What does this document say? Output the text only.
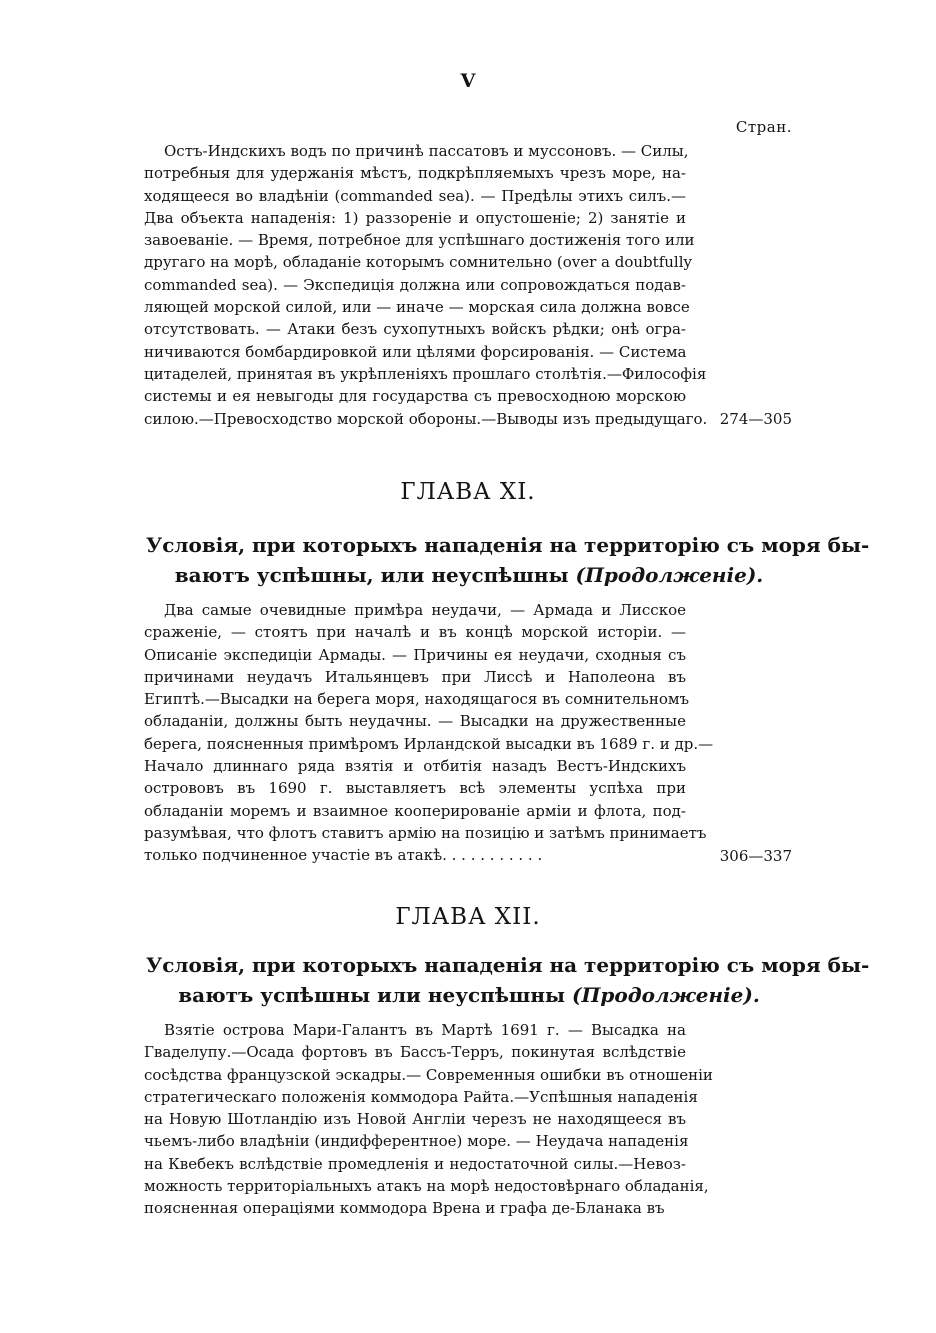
V
Стран.
Остъ-Индскихъ водъ по причинѣ пассатовъ и муссоновъ. — Силы,
потребныя для удержанія мѣстъ, подкрѣпляемыхъ чрезъ море, на-
ходящееся во владѣніи (commanded sea). — Предѣлы этихъ силъ.—
Два объекта нападенія: 1) раззореніе и опустошеніе; 2) занятіе и
завоеваніе. — Время, потребное для успѣшнаго достиженія того или
другаго на морѣ, обладаніе которымъ сомнительно (over a doubtfully
commanded sea). — Экспедиція должна или сопровождаться подав-
ляющей морской силой, или — иначе — морская сила должна вовсе
отсутствовать. — Атаки безъ сухопутныхъ войскъ рѣдки; онѣ огра-
ничиваются бомбардировкой или цѣлями форсированія. — Система
цитаделей, принятая въ укрѣпленіяхъ прошлаго столѣтія.—Философія
системы и ея невыгоды для государства съ превосходною морскою
силою.—Превосходство морской обороны.—Выводы изъ предыдущаго. 274—305
ГЛАВА XI.
Условія, при которыхъ нападенія на территорію съ моря бы-
ваютъ успѣшны, или неуспѣшны (Продолженіе).
Два самые очевидные примѣра неудачи, — Армада и Лисское
сраженіе, — стоятъ при началѣ и въ концѣ морской исторіи. —
Описаніе экспедиціи Армады. — Причины ея неудачи, сходныя съ
причинами неудачъ Итальянцевъ при Лиссѣ и Наполеона въ
Египтѣ.—Высадки на берега моря, находящагося въ сомнительномъ
обладаніи, должны быть неудачны. — Высадки на дружественные
берега, поясненныя примѣромъ Ирландской высадки въ 1689 г. и др.—
Начало длиннаго ряда взятія и отбитія назадъ Вестъ-Индскихъ
острововъ въ 1690 г. выставляетъ всѣ элементы успѣха при
обладаніи моремъ и взаимное кооперированіе арміи и флота, под-
разумѣвая, что флотъ ставитъ армію на позицію и затѣмъ принимаетъ
только подчиненное участіе въ атакѣ. . . . . . . . . . .	306—337
ГЛАВА XII.
Условія, при которыхъ нападенія на территорію съ моря бы-
ваютъ успѣшны или неуспѣшны (Продолженіе).
Взятіе острова Мари-Галантъ въ Мартѣ 1691 г. — Высадка на
Гваделупу.—Осада фортовъ въ Бассъ-Терръ, покинутая вслѣдствіе
сосѣдства французской эскадры.— Современныя ошибки въ отношеніи
стратегическаго положенія коммодора Райта.—Успѣшныя нападенія
на Новую Шотландію изъ Новой Англіи черезъ не находящееся въ
чьемъ-либо владѣніи (индифферентное) море. — Неудача нападенія
на Квебекъ вслѣдствіе промедленія и недостаточной силы.—Невоз-
можность территоріальныхъ атакъ на морѣ недостовѣрнаго обладанія,
поясненная операціями коммодора Врена и графа де-Бланака въ
